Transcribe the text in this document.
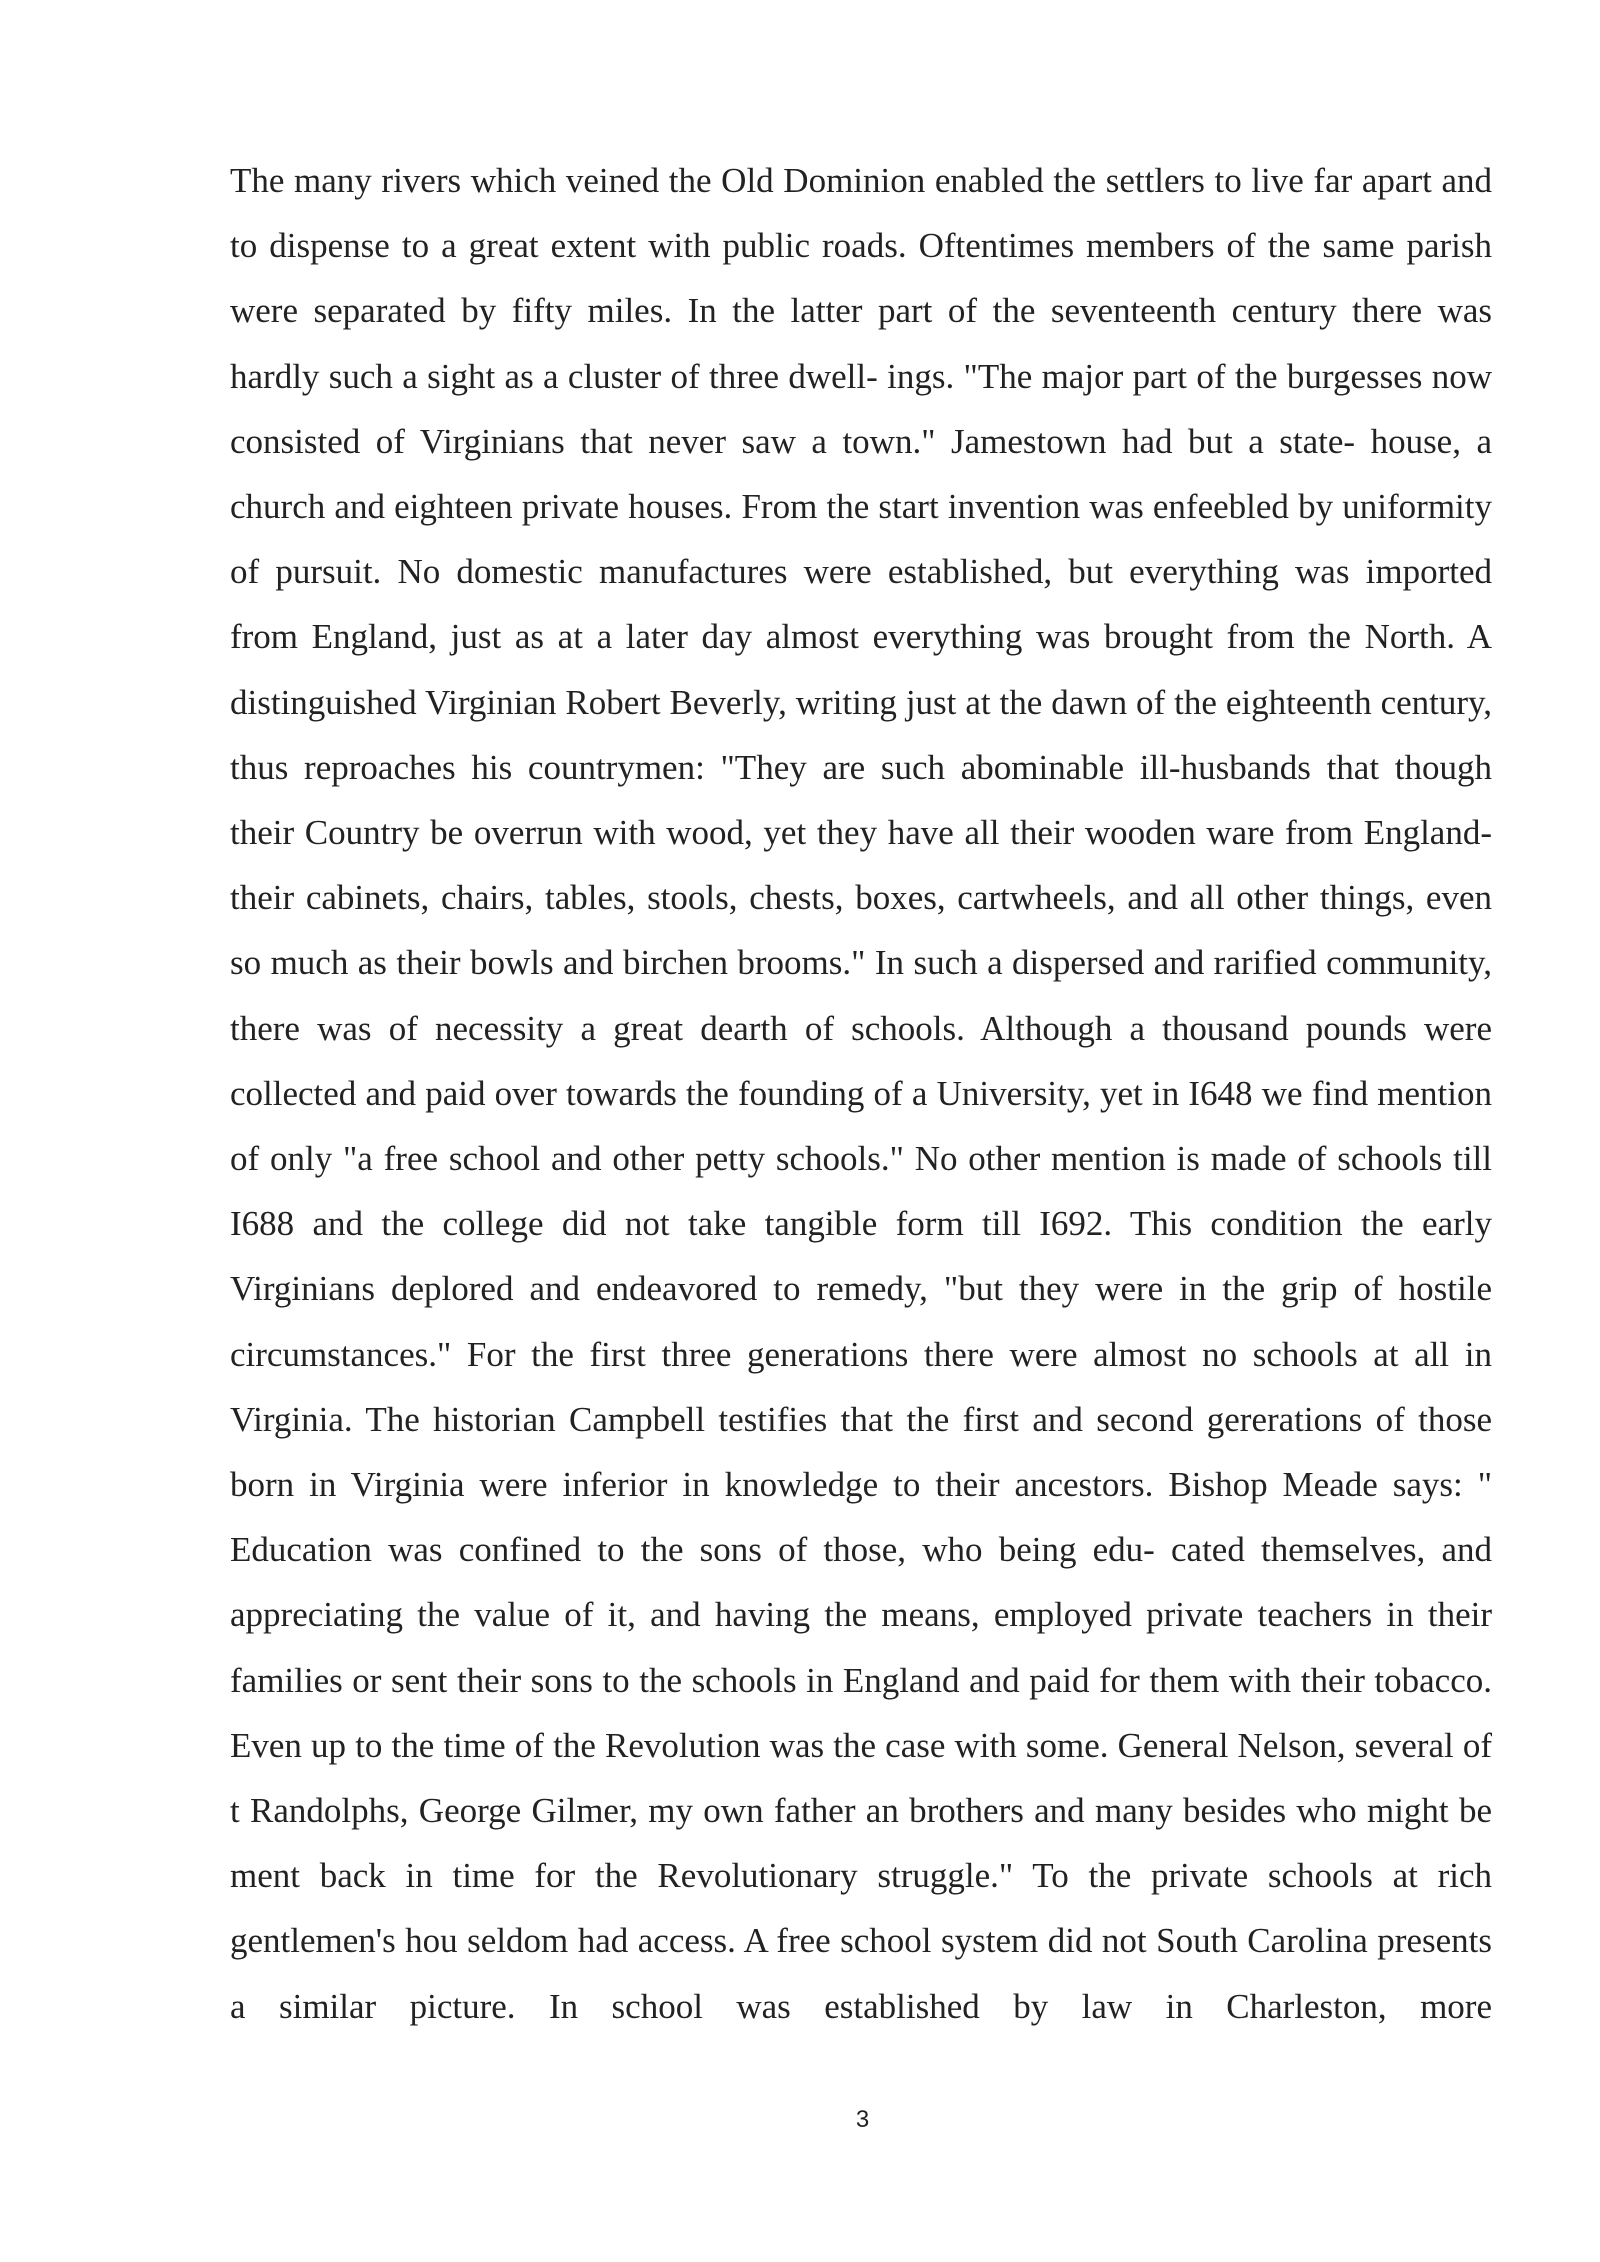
The many rivers which veined the Old Dominion enabled the settlers to live far apart and to dispense to a great extent with public roads. Oftentimes members of the same parish were separated by fifty miles. In the latter part of the seventeenth century there was hardly such a sight as a cluster of three dwell- ings. "The major part of the burgesses now consisted of Virginians that never saw a town." Jamestown had but a state- house, a church and eighteen private houses. From the start invention was enfeebled by uniformity of pursuit. No domestic manufactures were established, but everything was imported from England, just as at a later day almost everything was brought from the North. A distinguished Virginian Robert Beverly, writing just at the dawn of the eighteenth century, thus reproaches his countrymen: "They are such abominable ill-husbands that though their Country be overrun with wood, yet they have all their wooden ware from England-their cabinets, chairs, tables, stools, chests, boxes, cartwheels, and all other things, even so much as their bowls and birchen brooms." In such a dispersed and rarified community, there was of necessity a great dearth of schools. Although a thousand pounds were collected and paid over towards the founding of a University, yet in I648 we find mention of only "a free school and other petty schools." No other mention is made of schools till I688 and the college did not take tangible form till I692. This condition the early Virginians deplored and endeavored to remedy, "but they were in the grip of hostile circumstances." For the first three generations there were almost no schools at all in Virginia. The historian Campbell testifies that the first and second gererations of those born in Virginia were inferior in knowledge to their ancestors. Bishop Meade says: " Education was confined to the sons of those, who being edu- cated themselves, and appreciating the value of it, and having the means, employed private teachers in their families or sent their sons to the schools in England and paid for them with their tobacco. Even up to the time of the Revolution was the case with some. General Nelson, several of t Randolphs, George Gilmer, my own father an brothers and many besides who might be ment back in time for the Revolutionary struggle." To the private schools at rich gentlemen's hou seldom had access. A free school system did not South Carolina presents a similar picture. In school was established by law in Charleston, more

3
